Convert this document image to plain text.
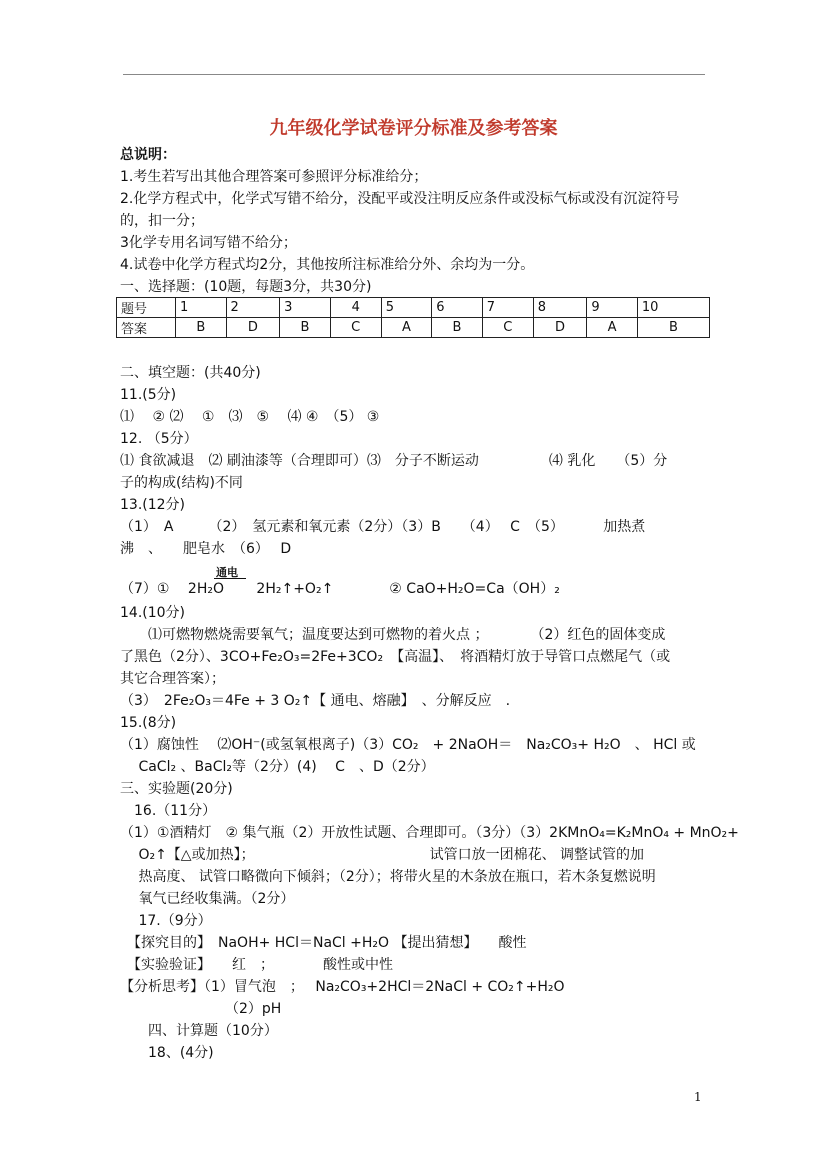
九年级化学试卷评分标准及参考答案
总说明：
1.考生若写出其他合理答案可参照评分标准给分；
2.化学方程式中，化学式写错不给分，没配平或没注明反应条件或没标气标或没有沉淀符号
的，扣一分；
3化学专用名词写错不给分；
4.试卷中化学方程式均2分，其他按所注标准给分外、余均为一分。
一、选择题：(10题，每题3分，共30分)
题号	1	2	3	4	5	6	7	8	9	10
答案	B	D	B	C	A	B	C	D	A	B
二、填空题：(共40分)
11.(5分)
⑴　 ② ⑵　 ①　⑶　⑤　 ⑷ ④　（5） ③
12. （5分）
⑴ 食欲减退　⑵ 刷油漆等（合理即可）⑶　分子不断运动　　　　　⑷ 乳化　　（5）分
子的构成(结构)不同
13.(12分)
（1）　A　　　（2）　氢元素和氧元素（2分）（3）B　　（4）　 C　（5）　　　 加热煮
沸　、　　肥皂水　（6）　 D
通电
（7）①　 2H₂O　　 2H₂↑+O₂↑　　　　② CaO+H₂O=Ca（OH）₂
14.(10分)
　　⑴可燃物燃烧需要氧气；温度要达到可燃物的着火点 ；　　　　（2）红色的固体变成
了黑色（2分）、3CO+Fe₂O₃=2Fe+3CO₂　【高温】、　将酒精灯放于导管口点燃尾气（或
其它合理答案）；
（3）　2Fe₂O₃＝4Fe + 3 O₂↑【 通电、熔融】　、分解反应　.
15.(8分)
（1）腐蚀性　 ⑵OH⁻(或氢氧根离子)（3）CO₂　+ 2NaOH＝　Na₂CO₃+ H₂O　、 HCl 或
　 CaCl₂ 、BaCl₂等（2分）(4)　 C　、D（2分）
三、实验题(20分)
　16.（11分）
（1）①酒精灯　② 集气瓶（2）开放性试题、合理即可。（3分）（3）2KMnO₄=K₂MnO₄ + MnO₂+
　 O₂↑【△或加热】；　　　　　　　　　　　　　试管口放一团棉花、 调整试管的加
　 热高度、 试管口略微向下倾斜；（2分）；将带火星的木条放在瓶口，若木条复燃说明
　 氧气已经收集满。（2分）
　 17.（9分）
　【探究目的】　NaOH+ HCl＝NaCl +H₂O 【提出猜想】　　酸性
　【实验验证】　　红　；　　　　酸性或中性
【分析思考】（1）冒气泡　；　 Na₂CO₃+2HCl＝2NaCl + CO₂↑+H₂O
　　　　　　　　（2）pH
　　四、计算题（10分）
　　18、(4分)
1
